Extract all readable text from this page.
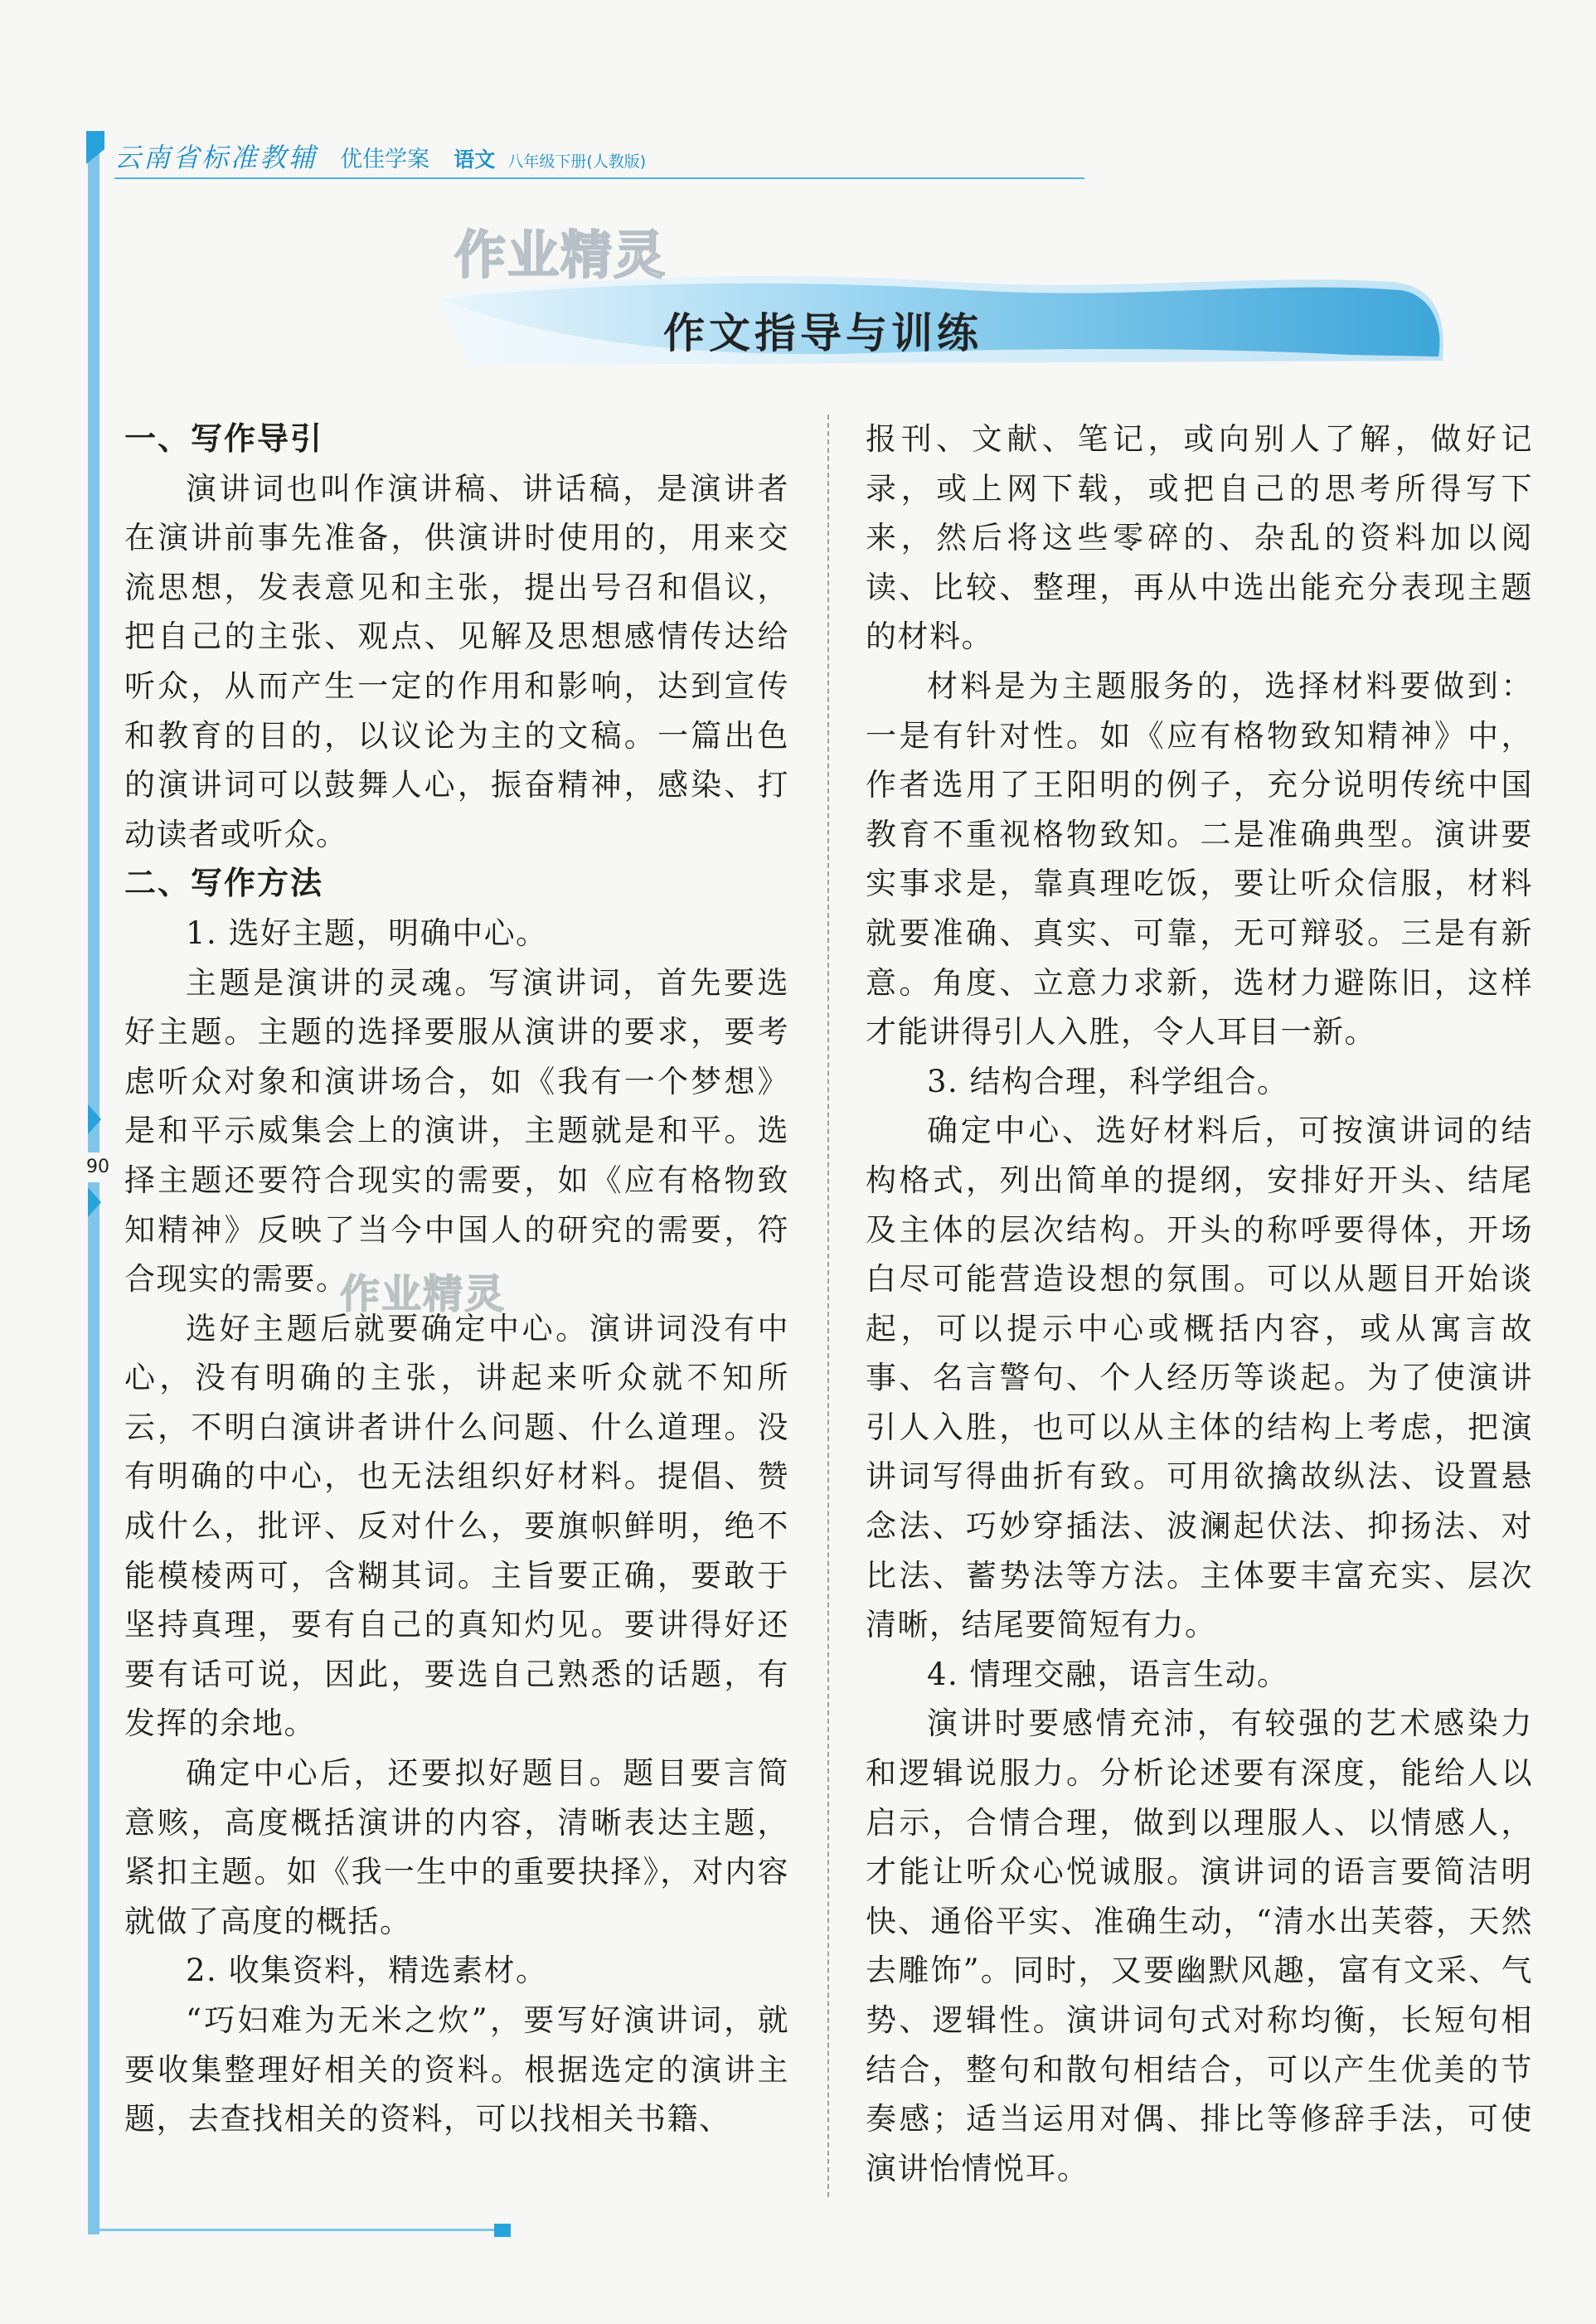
云南省标准教辅 优佳学案 语文 八年级下册(人教版)
90
作业精灵
作文指导与训练
一、写作导引

演讲词也叫作演讲稿、讲话稿，是演讲者在演讲前事先准备，供演讲时使用的，用来交流思想，发表意见和主张，提出号召和倡议，把自己的主张、观点、见解及思想感情传达给听众，从而产生一定的作用和影响，达到宣传和教育的目的，以议论为主的文稿。一篇出色的演讲词可以鼓舞人心，振奋精神，感染、打动读者或听众。

二、写作方法

1. 选好主题，明确中心。

主题是演讲的灵魂。写演讲词，首先要选好主题。主题的选择要服从演讲的要求，要考虑听众对象和演讲场合，如《我有一个梦想》是和平示威集会上的演讲，主题就是和平。选择主题还要符合现实的需要，如《应有格物致知精神》反映了当今中国人的研究的需要，符合现实的需要。

选好主题后就要确定中心。演讲词没有中心，没有明确的主张，讲起来听众就不知所云，不明白演讲者讲什么问题、什么道理。没有明确的中心，也无法组织好材料。提倡、赞成什么，批评、反对什么，要旗帜鲜明，绝不能模棱两可，含糊其词。主旨要正确，要敢于坚持真理，要有自己的真知灼见。要讲得好还要有话可说，因此，要选自己熟悉的话题，有发挥的余地。

确定中心后，还要拟好题目。题目要言简意赅，高度概括演讲的内容，清晰表达主题，紧扣主题。如《我一生中的重要抉择》，对内容就做了高度的概括。

2. 收集资料，精选素材。

“巧妇难为无米之炊”，要写好演讲词，就要收集整理好相关的资料。根据选定的演讲主题，去查找相关的资料，可以找相关书籍、

报刊、文献、笔记，或向别人了解，做好记录，或上网下载，或把自己的思考所得写下来，然后将这些零碎的、杂乱的资料加以阅读、比较、整理，再从中选出能充分表现主题的材料。

材料是为主题服务的，选择材料要做到：一是有针对性。如《应有格物致知精神》中，作者选用了王阳明的例子，充分说明传统中国教育不重视格物致知。二是准确典型。演讲要实事求是，靠真理吃饭，要让听众信服，材料就要准确、真实、可靠，无可辩驳。三是有新意。角度、立意力求新，选材力避陈旧，这样才能讲得引人入胜，令人耳目一新。

3. 结构合理，科学组合。

确定中心、选好材料后，可按演讲词的结构格式，列出简单的提纲，安排好开头、结尾及主体的层次结构。开头的称呼要得体，开场白尽可能营造设想的氛围。可以从题目开始谈起，可以提示中心或概括内容，或从寓言故事、名言警句、个人经历等谈起。为了使演讲引人入胜，也可以从主体的结构上考虑，把演讲词写得曲折有致。可用欲擒故纵法、设置悬念法、巧妙穿插法、波澜起伏法、抑扬法、对比法、蓄势法等方法。主体要丰富充实、层次清晰，结尾要简短有力。

4. 情理交融，语言生动。

演讲时要感情充沛，有较强的艺术感染力和逻辑说服力。分析论述要有深度，能给人以启示，合情合理，做到以理服人、以情感人，才能让听众心悦诚服。演讲词的语言要简洁明快、通俗平实、准确生动，“清水出芙蓉，天然去雕饰”。同时，又要幽默风趣，富有文采、气势、逻辑性。演讲词句式对称均衡，长短句相结合，整句和散句相结合，可以产生优美的节奏感；适当运用对偶、排比等修辞手法，可使演讲怡情悦耳。

作业精灵
